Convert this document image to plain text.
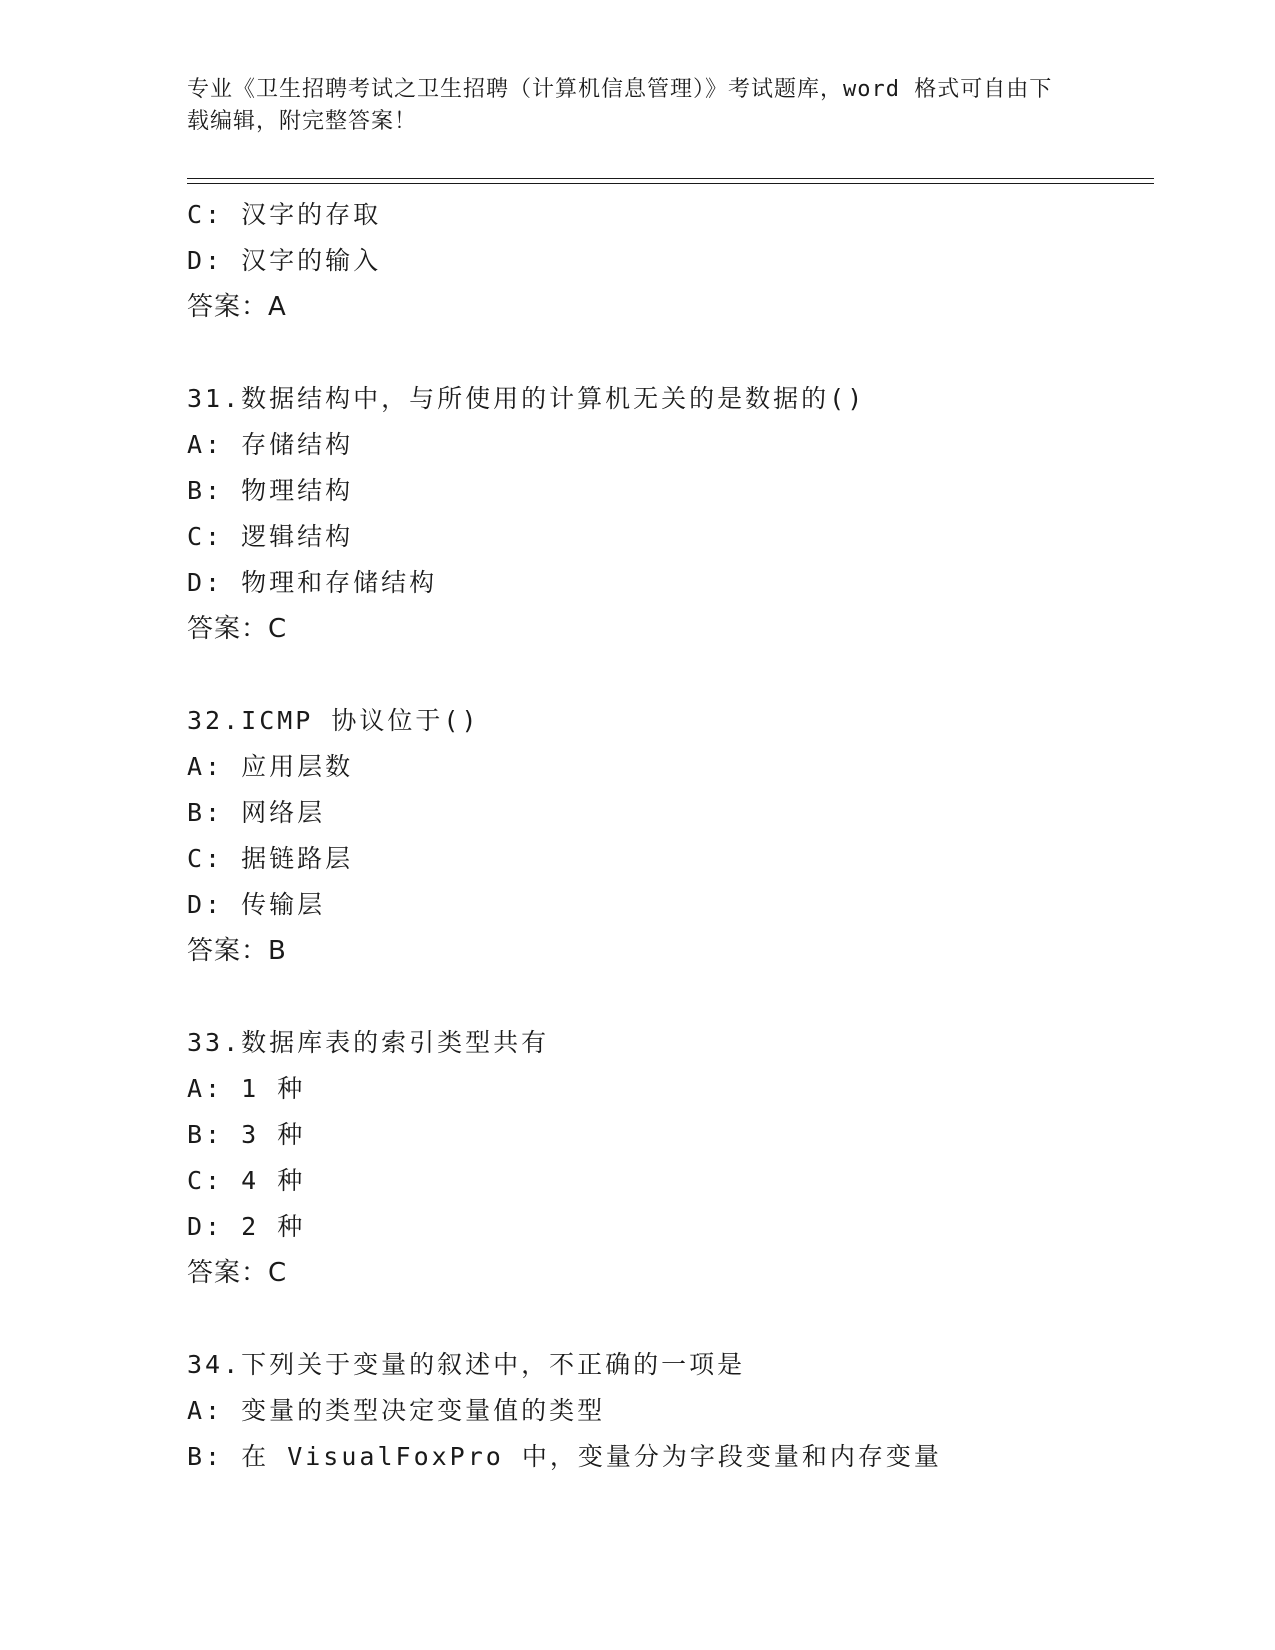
专业《卫生招聘考试之卫生招聘（计算机信息管理）》考试题库，word 格式可自由下载编辑，附完整答案！
C: 汉字的存取
D: 汉字的输入
答案：A
31.数据结构中，与所使用的计算机无关的是数据的()
A: 存储结构
B: 物理结构
C: 逻辑结构
D: 物理和存储结构
答案：C
32.ICMP 协议位于()
A: 应用层数
B: 网络层
C: 据链路层
D: 传输层
答案：B
33.数据库表的索引类型共有
A: 1 种
B: 3 种
C: 4 种
D: 2 种
答案：C
34.下列关于变量的叙述中，不正确的一项是
A: 变量的类型决定变量值的类型
B: 在 VisualFoxPro 中，变量分为字段变量和内存变量
